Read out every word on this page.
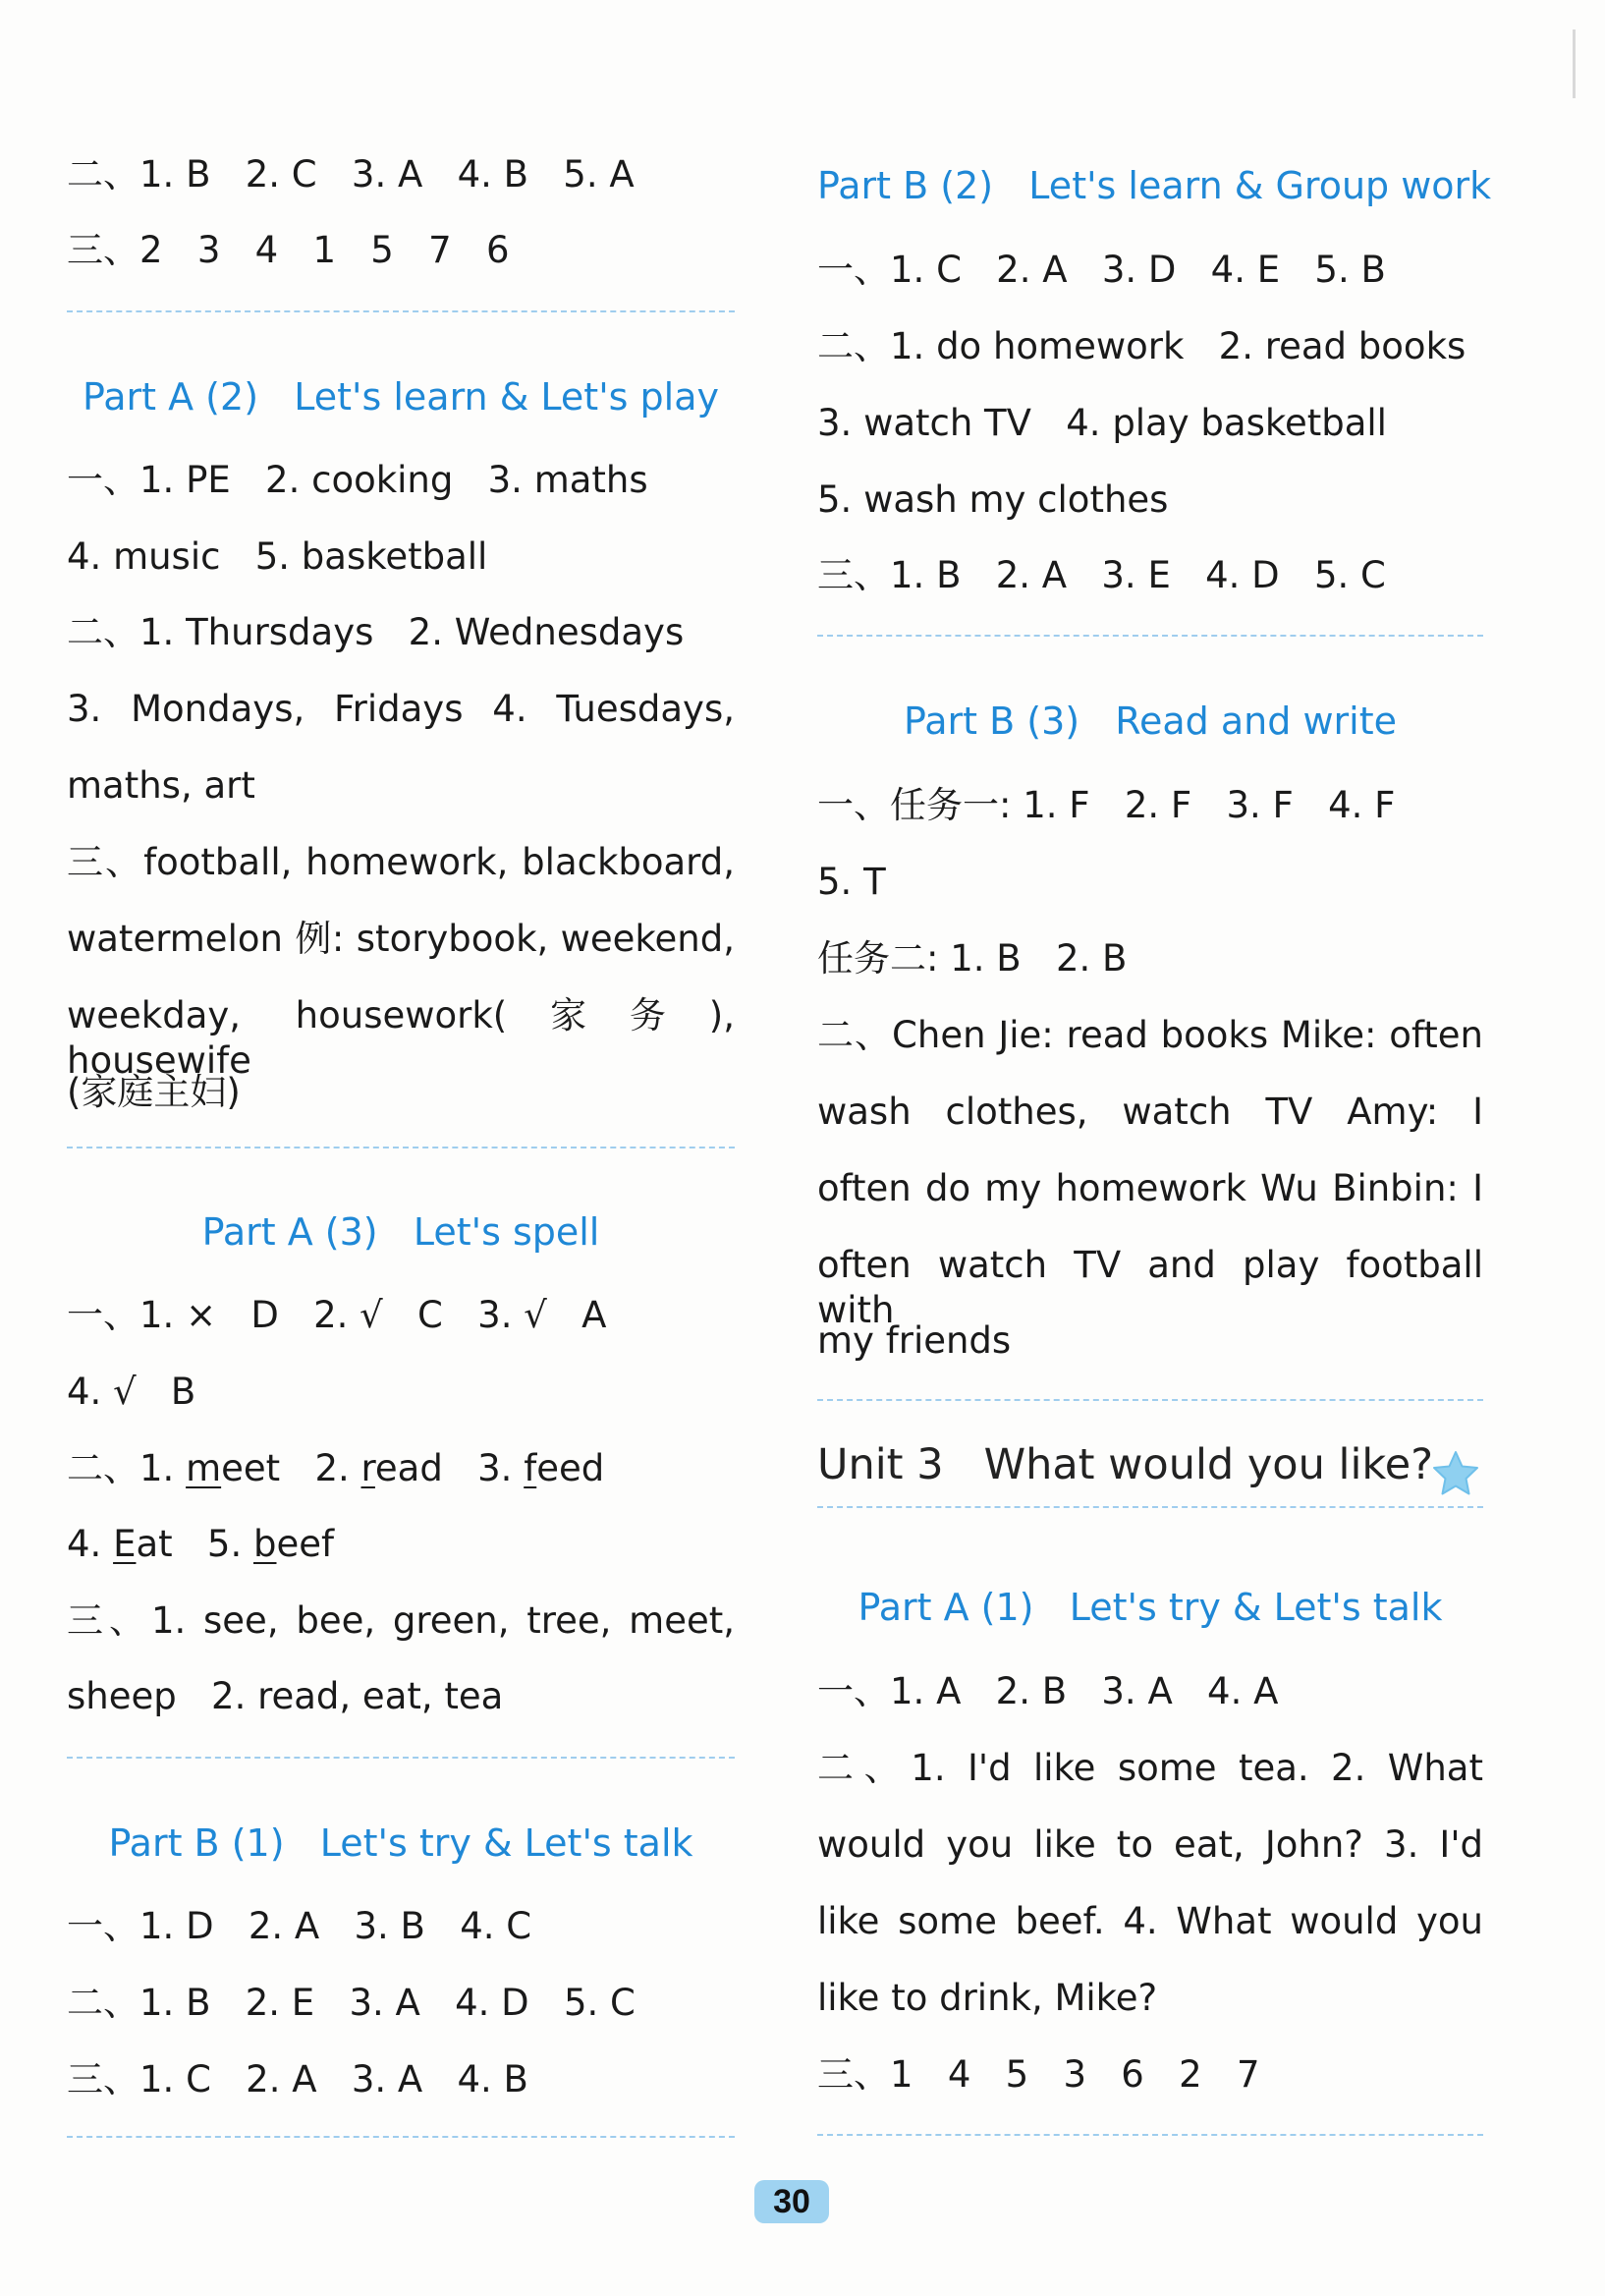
二、1. B   2. C   3. A   4. B   5. A
三、2   3   4   1   5   7   6
Part A (2)   Let's learn & Let's play
一、1. PE   2. cooking   3. maths
4. music   5. basketball
二、1. Thursdays   2. Wednesdays
3. Mondays, Fridays 4. Tuesdays,
maths, art
三、football, homework, blackboard,
watermelon 例: storybook, weekend,
weekday, housework(家务), housewife
(家庭主妇)
Part A (3)   Let's spell
一、1. ×   D   2. √   C   3. √   A
4. √   B
二、1. meet   2. read   3. feed
4. Eat   5. beef
三、1. see, bee, green, tree, meet,
sheep   2. read, eat, tea
Part B (1)   Let's try & Let's talk
一、1. D   2. A   3. B   4. C
二、1. B   2. E   3. A   4. D   5. C
三、1. C   2. A   3. A   4. B
Part B (2)   Let's learn & Group work
一、1. C   2. A   3. D   4. E   5. B
二、1. do homework   2. read books
3. watch TV   4. play basketball
5. wash my clothes
三、1. B   2. A   3. E   4. D   5. C
Part B (3)   Read and write
一、任务一: 1. F   2. F   3. F   4. F
5. T
任务二: 1. B   2. B
二、Chen Jie: read books Mike: often
wash clothes, watch TV Amy: I
often do my homework Wu Binbin: I
often watch TV and play football with
my friends
Unit 3   What would you like?
Part A (1)   Let's try & Let's talk
一、1. A   2. B   3. A   4. A
二、1. I'd like some tea. 2. What
would you like to eat, John? 3. I'd
like some beef. 4. What would you
like to drink, Mike?
三、1   4   5   3   6   2   7
30
